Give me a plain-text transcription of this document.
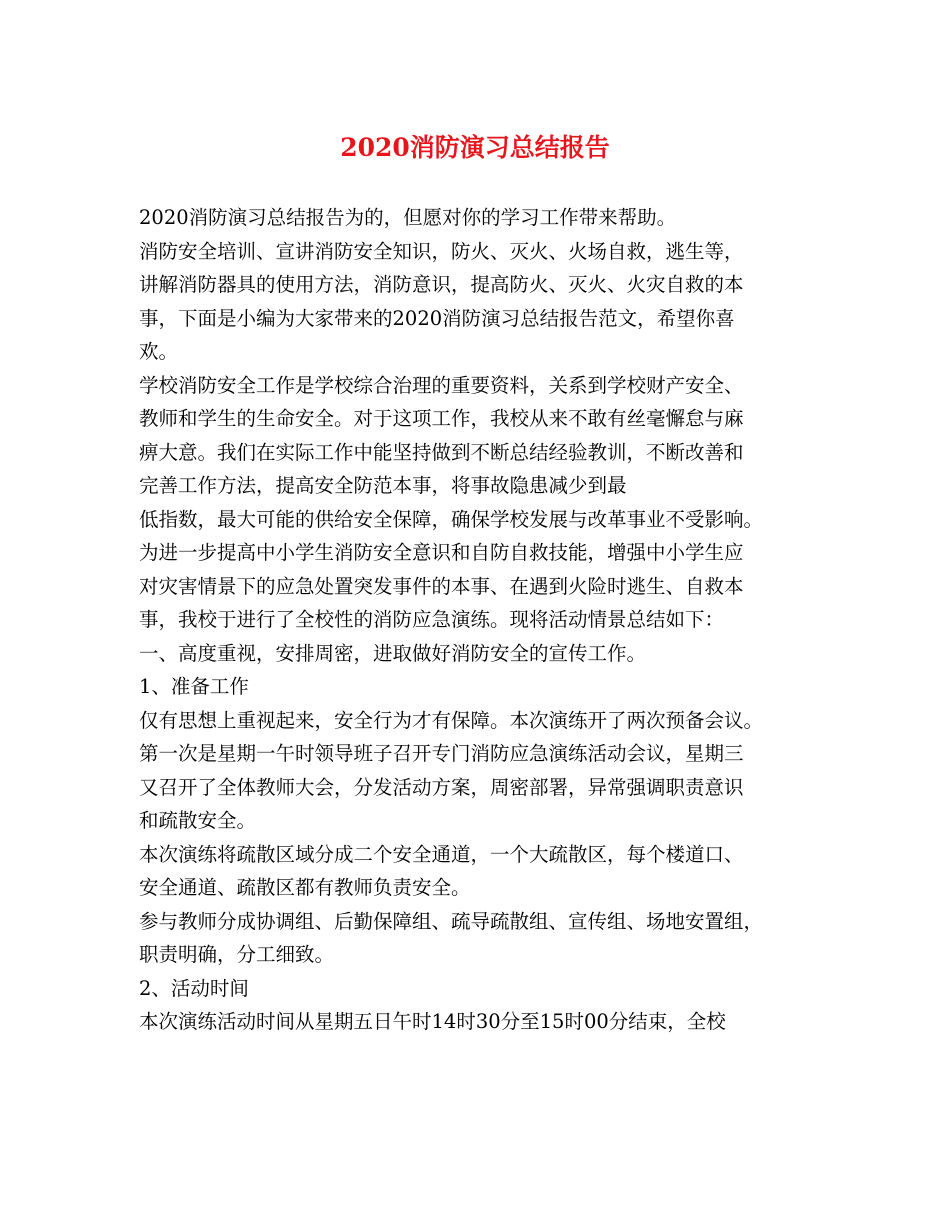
2020消防演习总结报告

2020消防演习总结报告为的，但愿对你的学习工作带来帮助。

消防安全培训、宣讲消防安全知识，防火、灭火、火场自救，逃生等，

讲解消防器具的使用方法，消防意识，提高防火、灭火、火灾自救的本

事，下面是小编为大家带来的2020消防演习总结报告范文，希望你喜

欢。

学校消防安全工作是学校综合治理的重要资料，关系到学校财产安全、

教师和学生的生命安全。对于这项工作，我校从来不敢有丝毫懈怠与麻

痹大意。我们在实际工作中能坚持做到不断总结经验教训，不断改善和

完善工作方法，提高安全防范本事，将事故隐患减少到最

低指数，最大可能的供给安全保障，确保学校发展与改革事业不受影响。

为进一步提高中小学生消防安全意识和自防自救技能，增强中小学生应

对灾害情景下的应急处置突发事件的本事、在遇到火险时逃生、自救本

事，我校于进行了全校性的消防应急演练。现将活动情景总结如下：

一、高度重视，安排周密，进取做好消防安全的宣传工作。

1、准备工作

仅有思想上重视起来，安全行为才有保障。本次演练开了两次预备会议。

第一次是星期一午时领导班子召开专门消防应急演练活动会议，星期三

又召开了全体教师大会，分发活动方案，周密部署，异常强调职责意识

和疏散安全。

本次演练将疏散区域分成二个安全通道，一个大疏散区，每个楼道口、

安全通道、疏散区都有教师负责安全。

参与教师分成协调组、后勤保障组、疏导疏散组、宣传组、场地安置组，

职责明确，分工细致。

2、活动时间

本次演练活动时间从星期五日午时14时30分至15时00分结束，全校
